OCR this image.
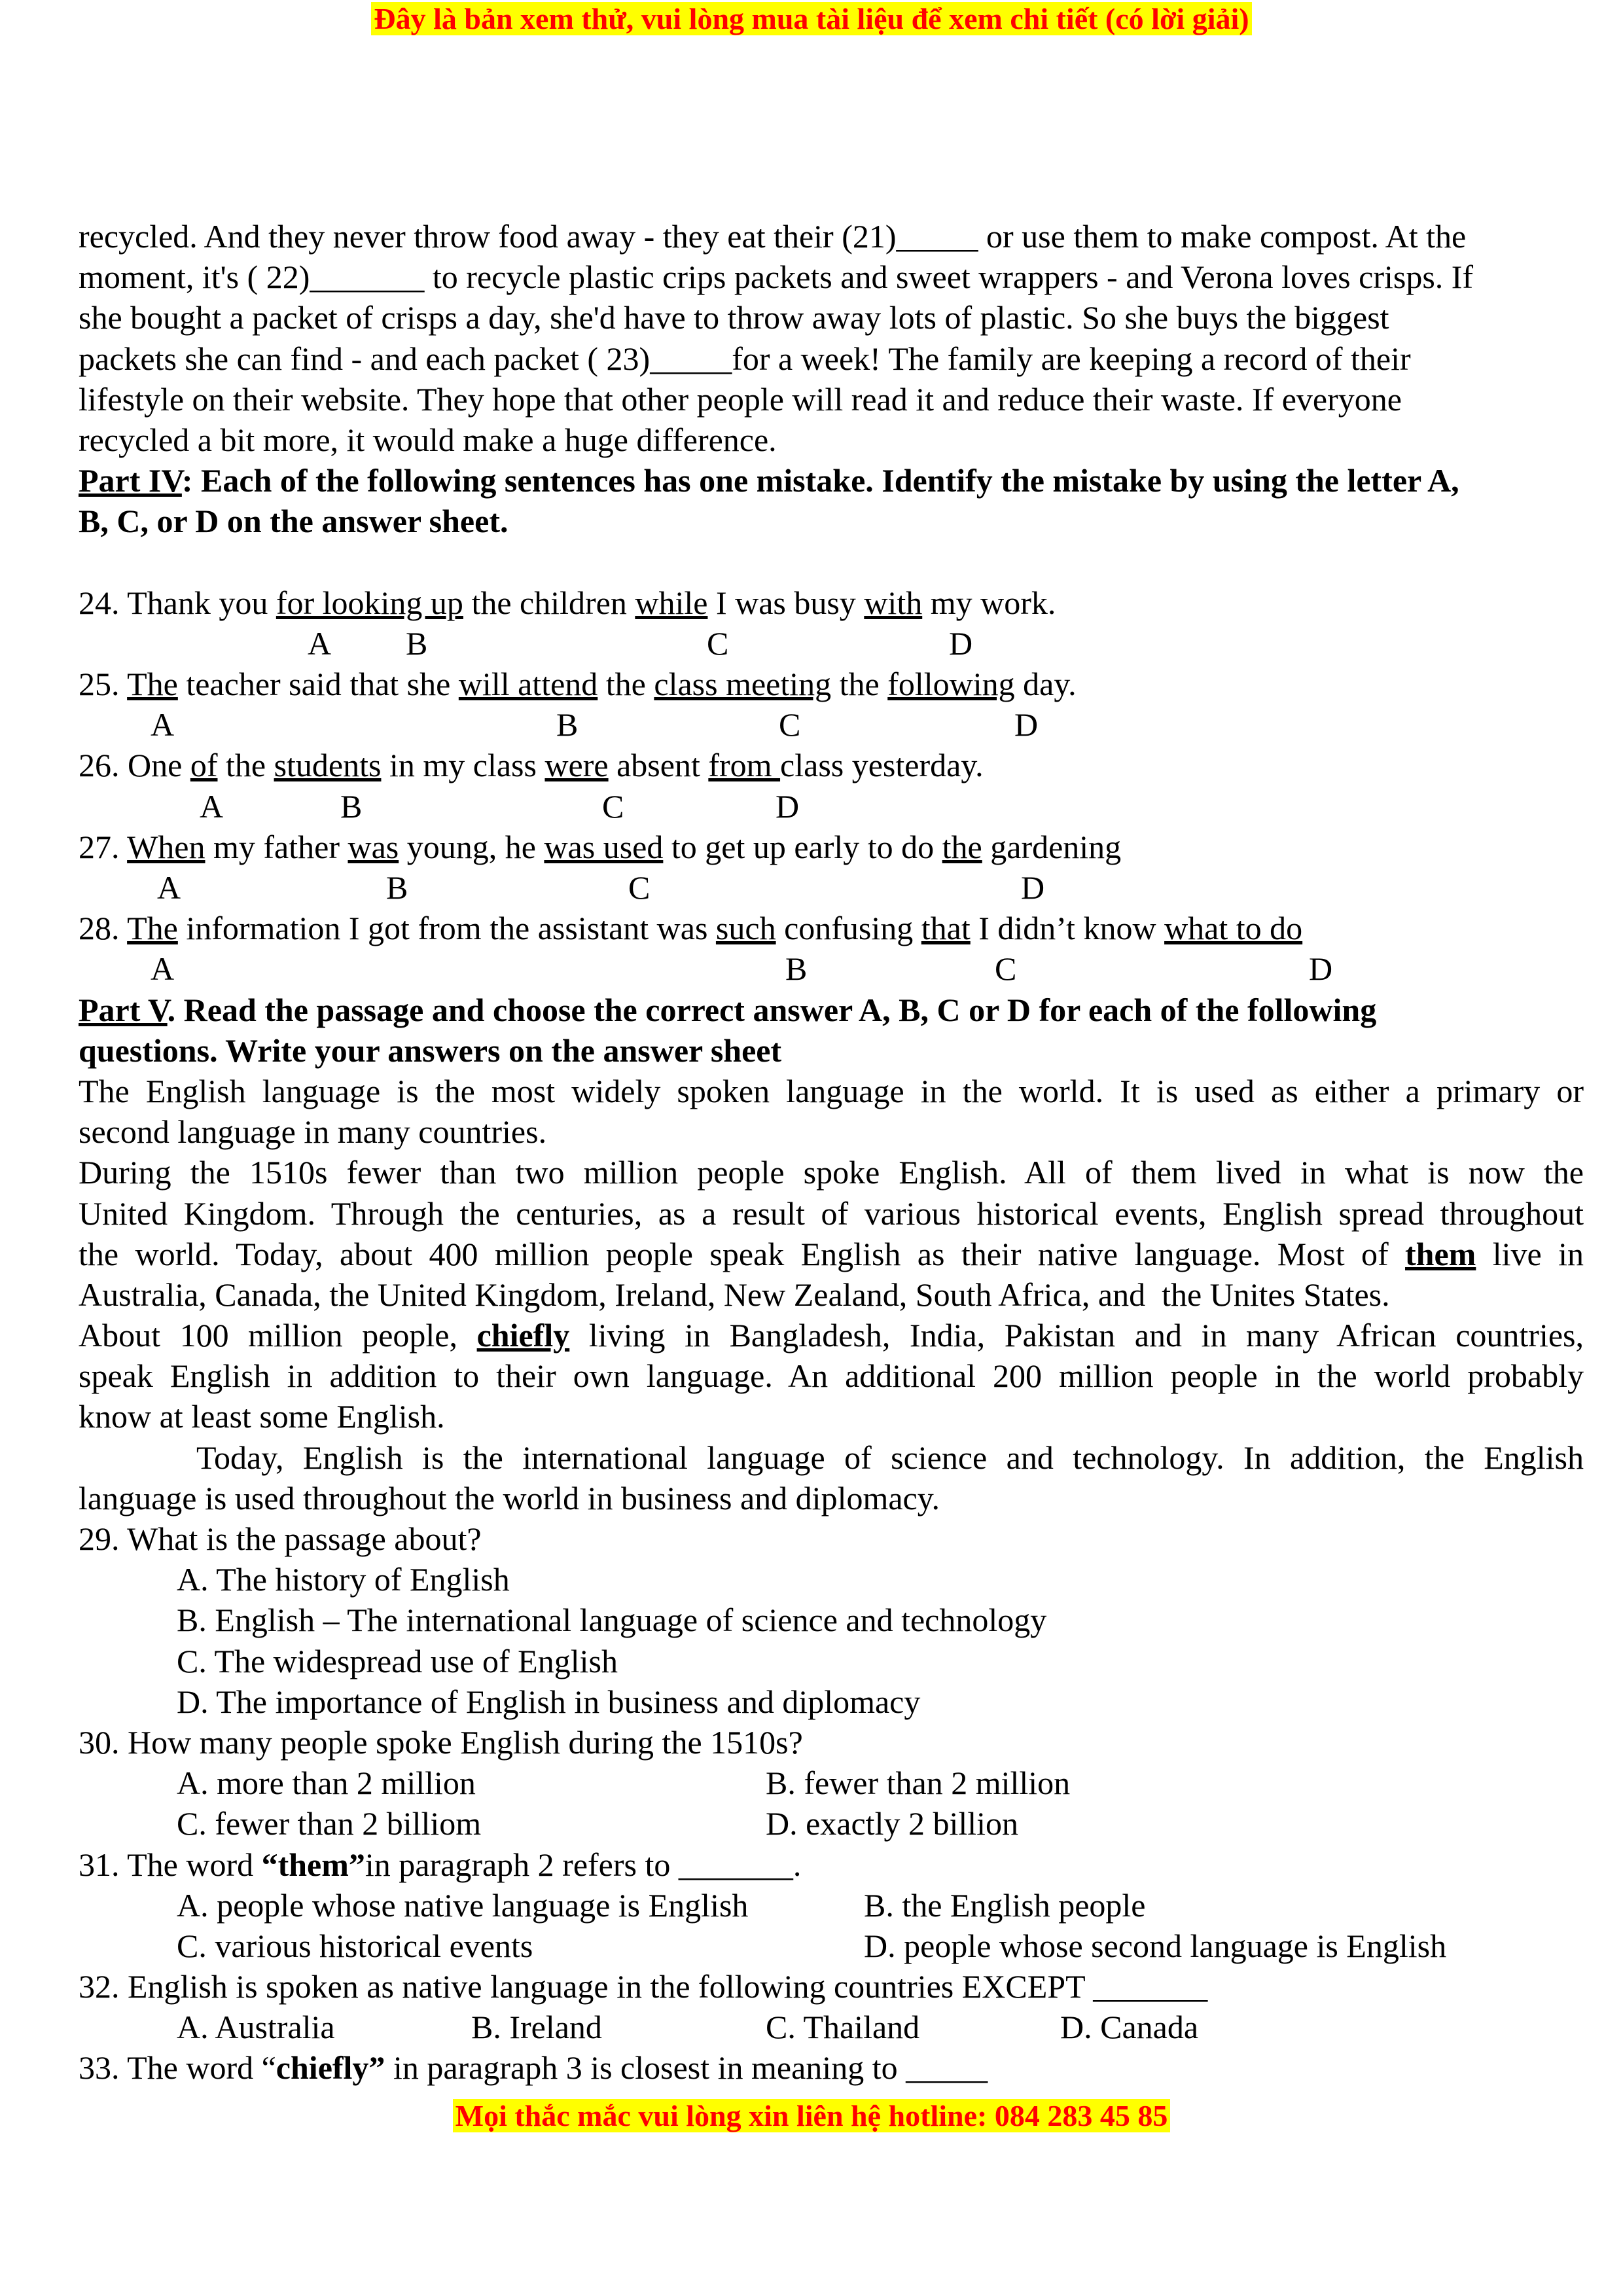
Đây là bản xem thử, vui lòng mua tài liệu để xem chi tiết (có lời giải)
recycled. And they never throw food away - they eat their (21)_____ or use them to make compost. At the
moment, it's ( 22)_______ to recycle plastic crips packets and sweet wrappers - and Verona loves crisps. If
she bought a packet of crisps a day, she'd have to throw away lots of plastic. So she buys the biggest
packets she can find - and each packet ( 23)_____for a week! The family are keeping a record of their
lifestyle on their website. They hope that other people will read it and reduce their waste. If everyone
recycled a bit more, it would make a huge difference.
Part IV: Each of the following sentences has one mistake. Identify the mistake by using the letter A,
B, C, or D on the answer sheet.
24. Thank you for looking up the children while I was busy with my work.
A B	C	D
25. The teacher said that she will attend the class meeting the following day.
A	B	C	D
26. One of the students in my class were absent from class yesterday.
A	B	C	D
27. When my father was young, he was used to get up early to do the gardening
A	B	C	D
28. The information I got from the assistant was such confusing that I didn’t know what to do
A	B	C	D
Part V. Read the passage and choose the correct answer A, B, C or D for each of the following
questions. Write your answers on the answer sheet
The English language is the most widely spoken language in the world. It is used as either a primary or
second language in many countries.
During the 1510s fewer than two million people spoke English. All of them lived in what is now the
United Kingdom. Through the centuries, as a result of various historical events, English spread throughout
the world. Today, about 400 million people speak English as their native language. Most of them live in
Australia, Canada, the United Kingdom, Ireland, New Zealand, South Africa, and  the Unites States.
About 100 million people, chiefly living in Bangladesh, India, Pakistan and in many African countries,
speak English in addition to their own language. An additional 200 million people in the world probably
know at least some English.
Today, English is the international language of science and technology. In addition, the English
language is used throughout the world in business and diplomacy.
29. What is the passage about?
A. The history of English
B. English – The international language of science and technology
C. The widespread use of English
D. The importance of English in business and diplomacy
30. How many people spoke English during the 1510s?
A. more than 2 million	B. fewer than 2 million
C. fewer than 2 billiom	D. exactly 2 billion
31. The word “them”in paragraph 2 refers to _______.
A. people whose native language is English	B. the English people
C. various historical events	D. people whose second language is English
32. English is spoken as native language in the following countries EXCEPT _______
A. Australia	B. Ireland	C. Thailand	D. Canada
33. The word “chiefly” in paragraph 3 is closest in meaning to _____
Mọi thắc mắc vui lòng xin liên hệ hotline: 084 283 45 85
